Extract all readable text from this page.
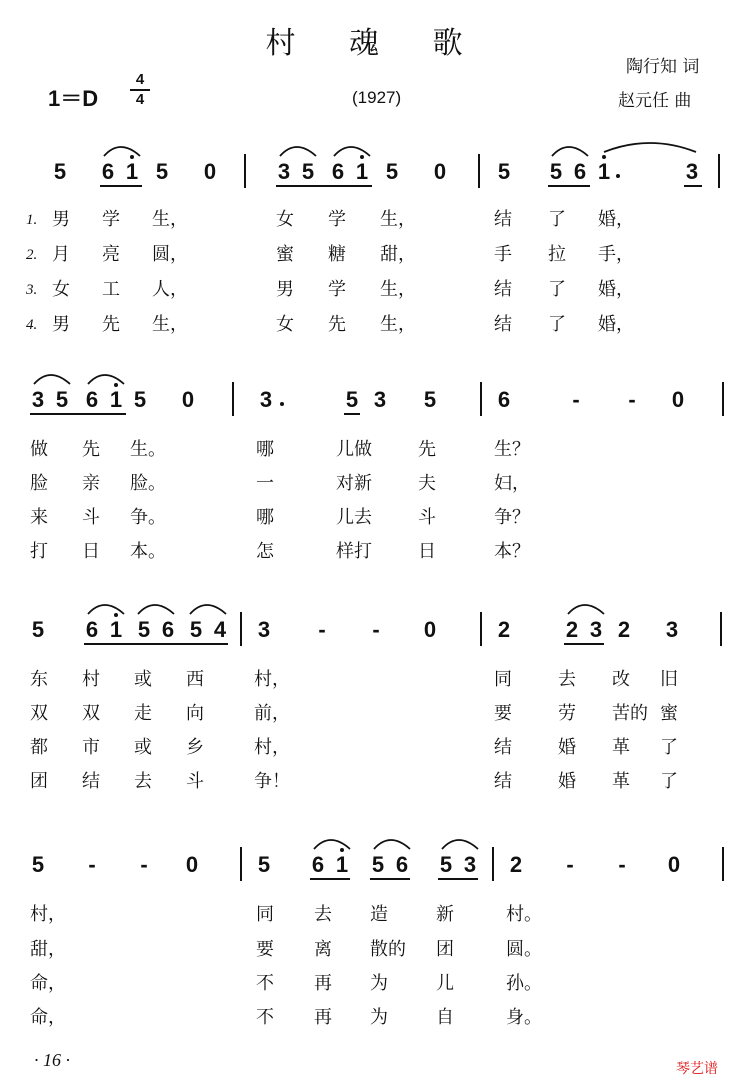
村 魂 歌
陶行知 词
赵元任 曲
1＝D
4
4	(1927)
5 6 1 5 0	3 5 6 1 5 0 5 5 6 1	3
1. 男 学 生，	女 学 生，	结 了 婚，
2. 月 亮 圆，	蜜 糖 甜，	手 拉 手，
3. 女 工 人，	男 学 生，	结 了 婚，
4. 男 先 生，	女 先 生，	结 了 婚，
3 5 6 1 5 0	3	5 3 5	6	- - 0
做 先 生。	哪	儿做	先	生？
脸 亲 脸。	一	对新	夫	妇，
来 斗 争。	哪	儿去	斗	争？
打 日 本。	怎	样打	日	本？
5 6 1 5 6 5 4 3 - - 0	2	2 3 2 3
东 村 或 西	村，	同	去 改 旧
双 双 走 向	前，	要	劳 苦的 蜜
都 市 或 乡	村，	结	婚 革 了
团 结 去 斗	争！	结	婚 革 了
5 - - 0	5 6 1 5 6 5 3 2 - - 0
村，	同 去 造	新	村。
甜，	要 离 散的 团	圆。
命，	不 再 为	儿	孙。
命，	不 再 为	自	身。
· 16 ·	琴艺谱
